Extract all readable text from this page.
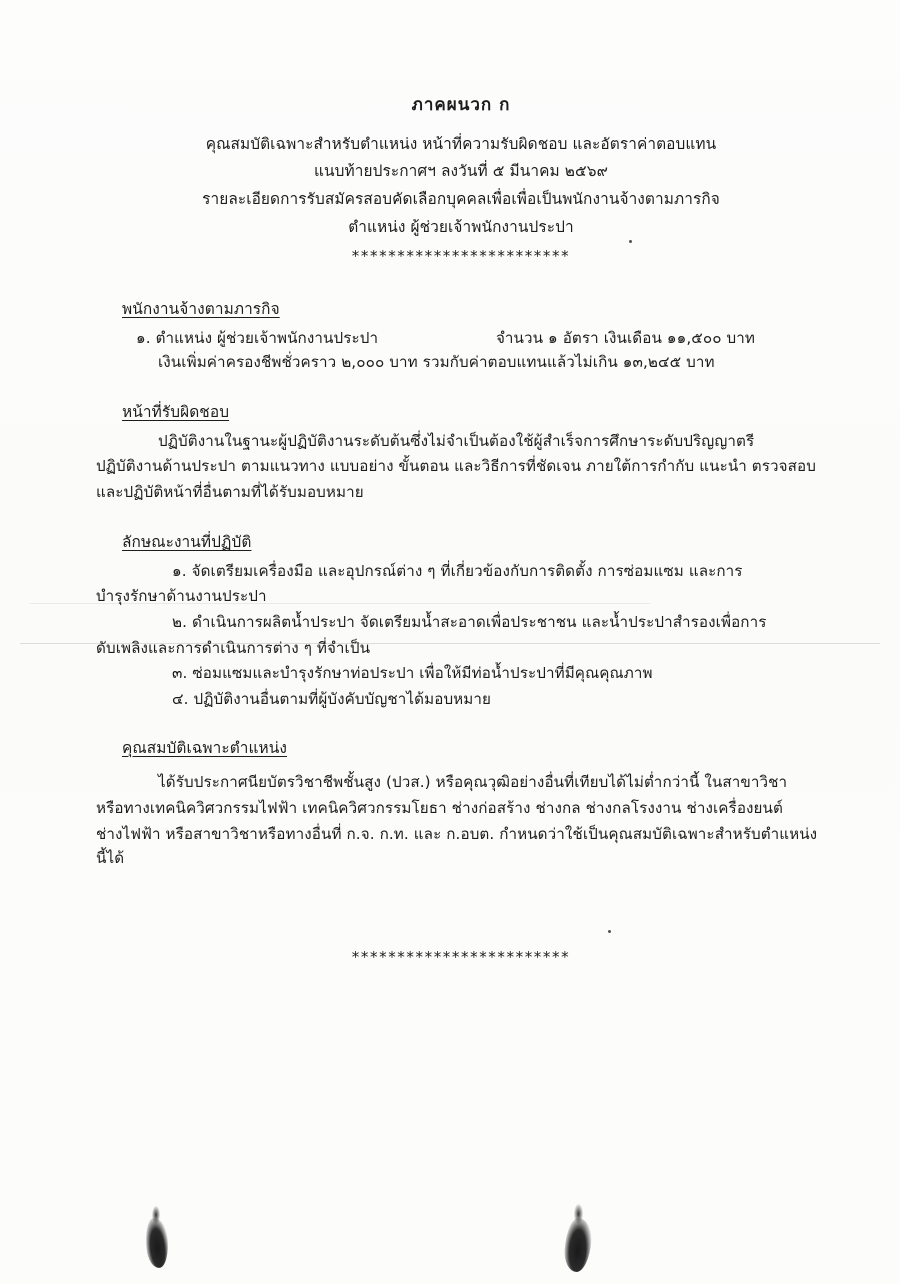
ภาคผนวก ก
คุณสมบัติเฉพาะสำหรับตำแหน่ง หน้าที่ความรับผิดชอบ และอัตราค่าตอบแทน
แนบท้ายประกาศฯ ลงวันที่ ๕ มีนาคม ๒๕๖๙
รายละเอียดการรับสมัครสอบคัดเลือกบุคคลเพื่อเพื่อเป็นพนักงานจ้างตามภารกิจ
ตำแหน่ง ผู้ช่วยเจ้าพนักงานประปา
************************
พนักงานจ้างตามภารกิจ
๑. ตำแหน่ง ผู้ช่วยเจ้าพนักงานประปา	จำนวน ๑ อัตรา เงินเดือน ๑๑,๕๐๐ บาท

เงินเพิ่มค่าครองชีพชั่วคราว ๒,๐๐๐ บาท รวมกับค่าตอบแทนแล้วไม่เกิน ๑๓,๒๔๕ บาท

หน้าที่รับผิดชอบ

ปฏิบัติงานในฐานะผู้ปฏิบัติงานระดับต้นซึ่งไม่จำเป็นต้องใช้ผู้สำเร็จการศึกษาระดับปริญญาตรี

ปฏิบัติงานด้านประปา ตามแนวทาง แบบอย่าง ขั้นตอน และวิธีการที่ชัดเจน ภายใต้การกำกับ แนะนำ ตรวจสอบ

และปฏิบัติหน้าที่อื่นตามที่ได้รับมอบหมาย

ลักษณะงานที่ปฏิบัติ

๑. จัดเตรียมเครื่องมือ และอุปกรณ์ต่าง ๆ ที่เกี่ยวข้องกับการติดตั้ง การซ่อมแซม และการ

บำรุงรักษาด้านงานประปา

๒. ดำเนินการผลิตน้ำประปา จัดเตรียมน้ำสะอาดเพื่อประชาชน และน้ำประปาสำรองเพื่อการ

ดับเพลิงและการดำเนินการต่าง ๆ ที่จำเป็น

๓. ซ่อมแซมและบำรุงรักษาท่อประปา เพื่อให้มีท่อน้ำประปาที่มีคุณคุณภาพ

๔. ปฏิบัติงานอื่นตามที่ผู้บังคับบัญชาได้มอบหมาย

คุณสมบัติเฉพาะตำแหน่ง

ได้รับประกาศนียบัตรวิชาชีพชั้นสูง (ปวส.) หรือคุณวุฒิอย่างอื่นที่เทียบได้ไม่ต่ำกว่านี้ ในสาขาวิชา

หรือทางเทคนิควิศวกรรมไฟฟ้า เทคนิควิศวกรรมโยธา ช่างก่อสร้าง ช่างกล ช่างกลโรงงาน ช่างเครื่องยนต์

ช่างไฟฟ้า หรือสาขาวิชาหรือทางอื่นที่ ก.จ. ก.ท. และ ก.อบต. กำหนดว่าใช้เป็นคุณสมบัติเฉพาะสำหรับตำแหน่งนี้ได้

************************
